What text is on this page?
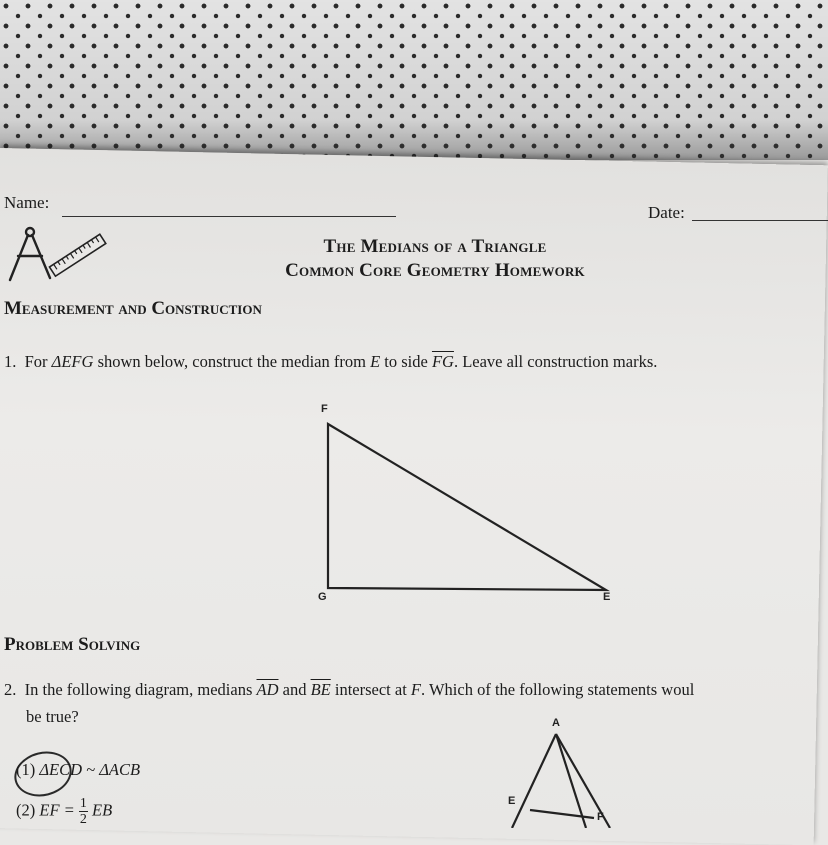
Name:
Date:
The Medians of a Triangle
Common Core Geometry Homework
Measurement and Construction
1. For ΔEFG shown below, construct the median from E to side $\overline{FG}$. Leave all construction marks.
F
G	E
Problem Solving
2. In the following diagram, medians $\overline{AD}$ and $\overline{BE}$ intersect at F. Which of the following statements woul
be true?
(1) ΔECD ~ ΔACB
(2) EF = $\frac{1}{2}$ EB
A
E
F
